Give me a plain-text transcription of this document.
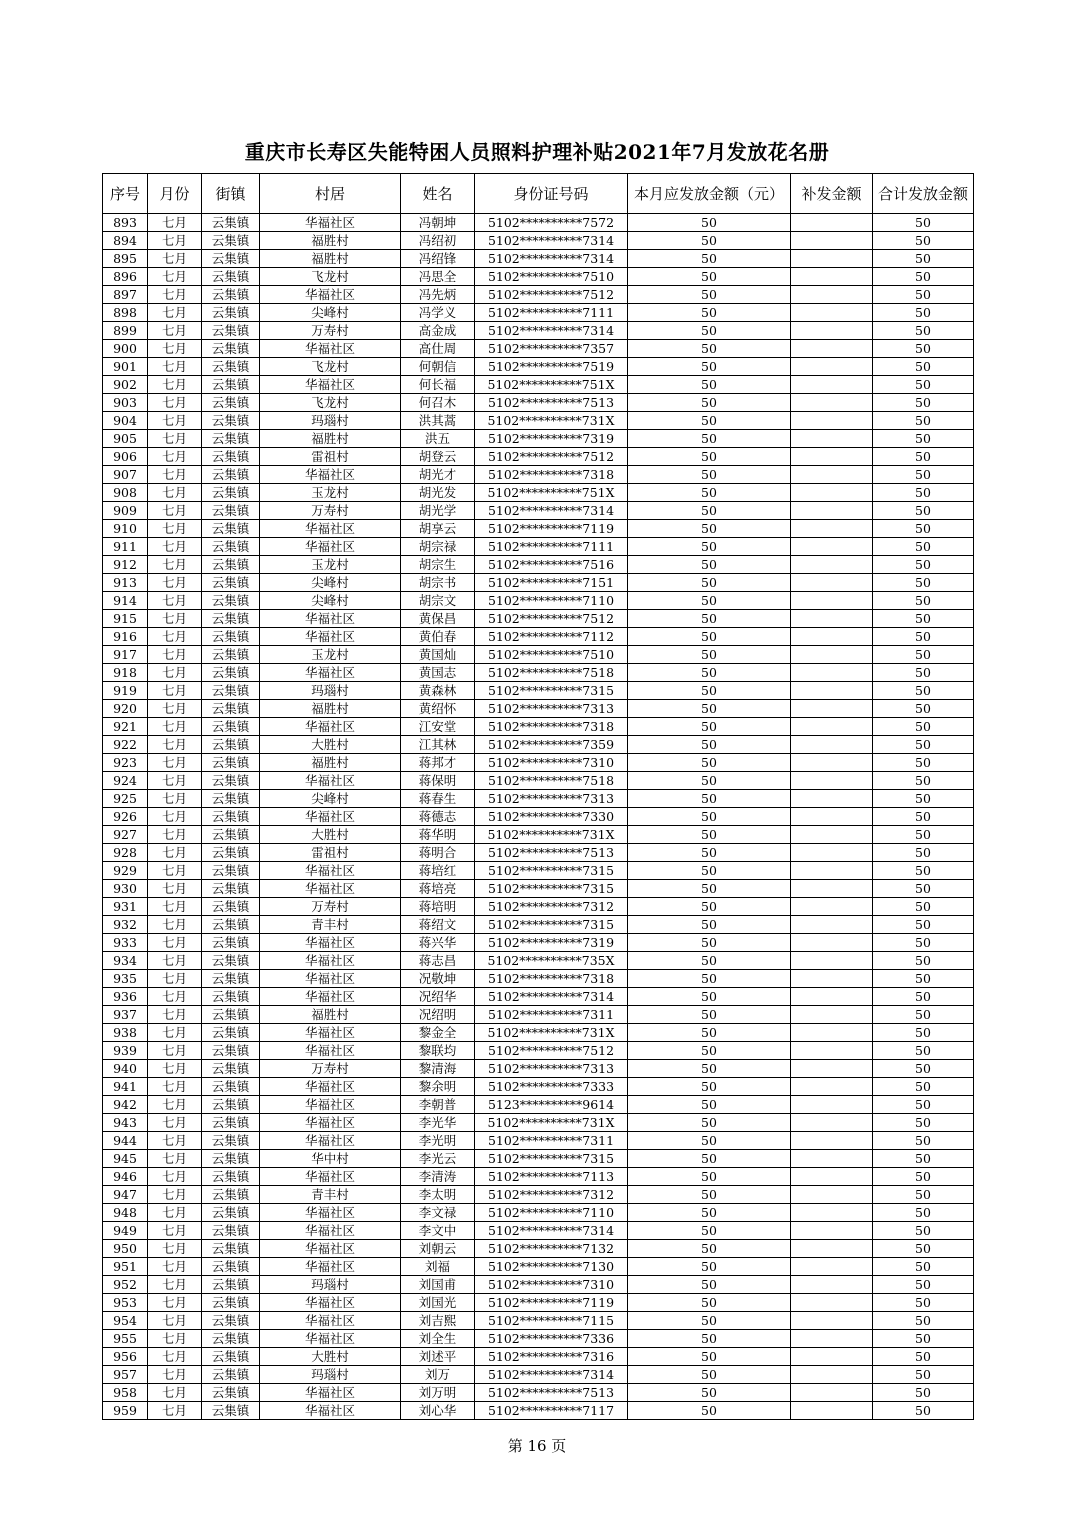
重庆市长寿区失能特困人员照料护理补贴2021年7月发放花名册
序号	月份	街镇	村居	姓名	身份证号码	本月应发放金额（元）	补发金额	合计发放金额
893	七月	云集镇	华福社区	冯朝坤	5102**********7572	50		50
894	七月	云集镇	福胜村	冯绍初	5102**********7314	50		50
895	七月	云集镇	福胜村	冯绍锋	5102**********7314	50		50
896	七月	云集镇	飞龙村	冯思全	5102**********7510	50		50
897	七月	云集镇	华福社区	冯先炳	5102**********7512	50		50
898	七月	云集镇	尖峰村	冯学义	5102**********7111	50		50
899	七月	云集镇	万寿村	高金成	5102**********7314	50		50
900	七月	云集镇	华福社区	高仕周	5102**********7357	50		50
901	七月	云集镇	飞龙村	何朝信	5102**********7519	50		50
902	七月	云集镇	华福社区	何长福	5102**********751X	50		50
903	七月	云集镇	飞龙村	何召木	5102**********7513	50		50
904	七月	云集镇	玛瑙村	洪其蒿	5102**********731X	50		50
905	七月	云集镇	福胜村	洪五	5102**********7319	50		50
906	七月	云集镇	雷祖村	胡登云	5102**********7512	50		50
907	七月	云集镇	华福社区	胡光才	5102**********7318	50		50
908	七月	云集镇	玉龙村	胡光发	5102**********751X	50		50
909	七月	云集镇	万寿村	胡光学	5102**********7314	50		50
910	七月	云集镇	华福社区	胡享云	5102**********7119	50		50
911	七月	云集镇	华福社区	胡宗禄	5102**********7111	50		50
912	七月	云集镇	玉龙村	胡宗生	5102**********7516	50		50
913	七月	云集镇	尖峰村	胡宗书	5102**********7151	50		50
914	七月	云集镇	尖峰村	胡宗文	5102**********7110	50		50
915	七月	云集镇	华福社区	黄保昌	5102**********7512	50		50
916	七月	云集镇	华福社区	黄伯春	5102**********7112	50		50
917	七月	云集镇	玉龙村	黄国灿	5102**********7510	50		50
918	七月	云集镇	华福社区	黄国志	5102**********7518	50		50
919	七月	云集镇	玛瑙村	黄森林	5102**********7315	50		50
920	七月	云集镇	福胜村	黄绍怀	5102**********7313	50		50
921	七月	云集镇	华福社区	江安堂	5102**********7318	50		50
922	七月	云集镇	大胜村	江其林	5102**********7359	50		50
923	七月	云集镇	福胜村	蒋邦才	5102**********7310	50		50
924	七月	云集镇	华福社区	蒋保明	5102**********7518	50		50
925	七月	云集镇	尖峰村	蒋春生	5102**********7313	50		50
926	七月	云集镇	华福社区	蒋德志	5102**********7330	50		50
927	七月	云集镇	大胜村	蒋华明	5102**********731X	50		50
928	七月	云集镇	雷祖村	蒋明合	5102**********7513	50		50
929	七月	云集镇	华福社区	蒋培红	5102**********7315	50		50
930	七月	云集镇	华福社区	蒋培亮	5102**********7315	50		50
931	七月	云集镇	万寿村	蒋培明	5102**********7312	50		50
932	七月	云集镇	青丰村	蒋绍文	5102**********7315	50		50
933	七月	云集镇	华福社区	蒋兴华	5102**********7319	50		50
934	七月	云集镇	华福社区	蒋志昌	5102**********735X	50		50
935	七月	云集镇	华福社区	况敬坤	5102**********7318	50		50
936	七月	云集镇	华福社区	况绍华	5102**********7314	50		50
937	七月	云集镇	福胜村	况绍明	5102**********7311	50		50
938	七月	云集镇	华福社区	黎金全	5102**********731X	50		50
939	七月	云集镇	华福社区	黎联均	5102**********7512	50		50
940	七月	云集镇	万寿村	黎清海	5102**********7313	50		50
941	七月	云集镇	华福社区	黎余明	5102**********7333	50		50
942	七月	云集镇	华福社区	李朝普	5123**********9614	50		50
943	七月	云集镇	华福社区	李光华	5102**********731X	50		50
944	七月	云集镇	华福社区	李光明	5102**********7311	50		50
945	七月	云集镇	华中村	李光云	5102**********7315	50		50
946	七月	云集镇	华福社区	李清涛	5102**********7113	50		50
947	七月	云集镇	青丰村	李太明	5102**********7312	50		50
948	七月	云集镇	华福社区	李文禄	5102**********7110	50		50
949	七月	云集镇	华福社区	李文中	5102**********7314	50		50
950	七月	云集镇	华福社区	刘朝云	5102**********7132	50		50
951	七月	云集镇	华福社区	刘福	5102**********7130	50		50
952	七月	云集镇	玛瑙村	刘国甫	5102**********7310	50		50
953	七月	云集镇	华福社区	刘国光	5102**********7119	50		50
954	七月	云集镇	华福社区	刘吉熙	5102**********7115	50		50
955	七月	云集镇	华福社区	刘全生	5102**********7336	50		50
956	七月	云集镇	大胜村	刘述平	5102**********7316	50		50
957	七月	云集镇	玛瑙村	刘万	5102**********7314	50		50
958	七月	云集镇	华福社区	刘万明	5102**********7513	50		50
959	七月	云集镇	华福社区	刘心华	5102**********7117	50		50
第 16 页
